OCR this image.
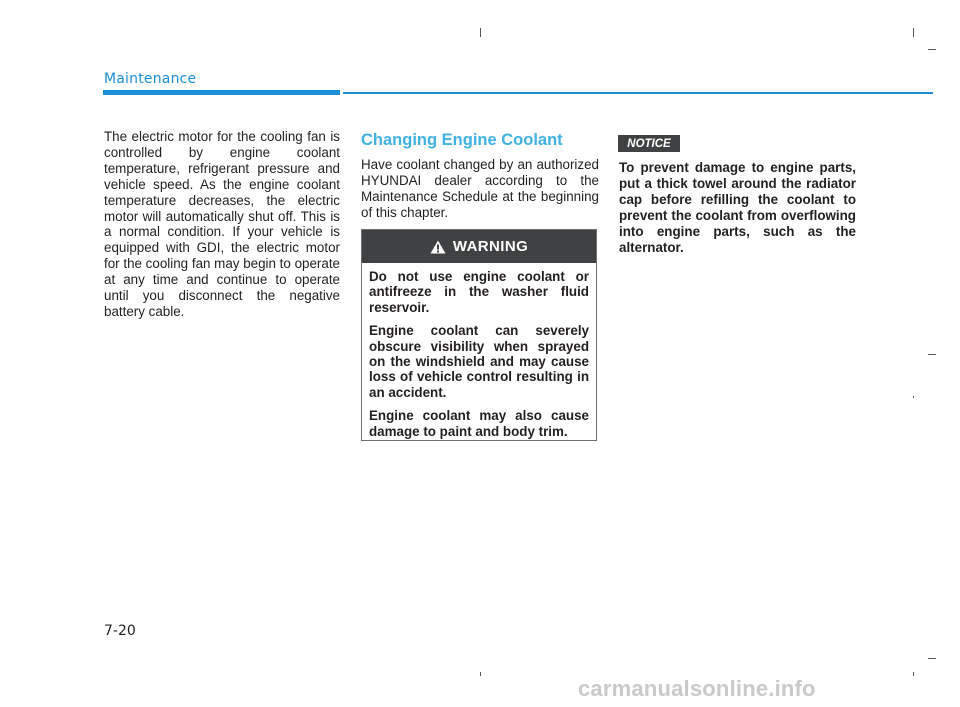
Maintenance

The electric motor for the cooling fan is controlled by engine coolant temperature, refrigerant pressure and vehicle speed. As the engine coolant temperature decreases, the electric motor will automatically shut off. This is a normal condition. If your vehicle is equipped with GDI, the electric motor for the cooling fan may begin to operate at any time and continue to operate until you disconnect the negative battery cable.

Changing Engine Coolant

Have coolant changed by an authorized HYUNDAI dealer according to the Maintenance Schedule at the beginning of this chapter.

WARNING

Do not use engine coolant or antifreeze in the washer fluid reservoir.

Engine coolant can severely obscure visibility when sprayed on the windshield and may cause loss of vehicle control resulting in an accident.

Engine coolant may also cause damage to paint and body trim.

NOTICE

To prevent damage to engine parts, put a thick towel around the radiator cap before refilling the coolant to prevent the coolant from overflowing into engine parts, such as the alternator.

7-20
carmanualsonline.info
